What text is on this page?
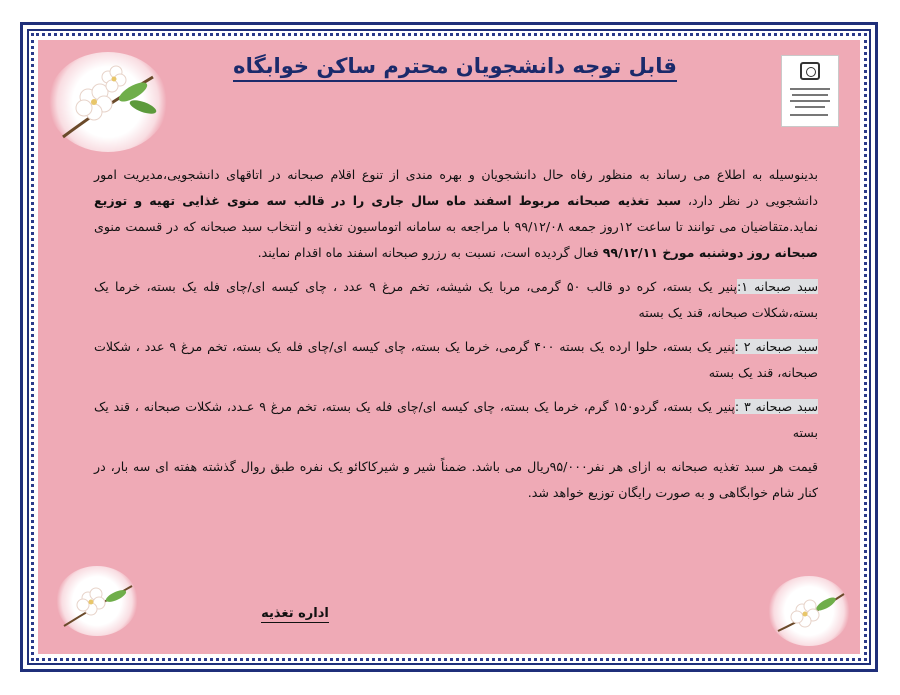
قابل توجه دانشجویان محترم ساکن خوابگاه

بدینوسیله به اطلاع می رساند به منظور رفاه حال دانشجویان و بهره مندی از تنوع اقلام صبحانه در اتاقهای دانشجویی،مدیریت امور دانشجویی در نظر دارد، سبد تغذیه صبحانه مربوط اسفند ماه سال جاری را در قالب سه منوی غذایی تهیه و توزیع نماید.متقاضیان می توانند تا ساعت ۱۲روز جمعه ۹۹/۱۲/۰۸ با مراجعه به سامانه اتوماسیون تغذیه و انتخاب سبد صبحانه که در قسمت منوی صبحانه روز دوشنبه مورخ ۹۹/۱۲/۱۱ فعال گردیده است، نسبت به رزرو صبحانه اسفند ماه اقدام نمایند.

سبد صبحانه ۱:پنیر یک بسته، کره دو قالب ۵۰ گرمی، مربا یک شیشه، تخم مرغ ۹ عدد ، چای کیسه ای/چای فله یک بسته، خرما یک بسته،شکلات صبحانه، قند یک بسته

سبد صبحانه ۲ :پنیر یک بسته، حلوا ارده یک بسته ۴۰۰ گرمی، خرما یک بسته، چای کیسه ای/چای فله یک بسته، تخم مرغ ۹ عدد ، شکلات صبحانه، قند یک بسته

سبد صبحانه ۳ :پنیر یک بسته، گردو۱۵۰ گرم، خرما یک بسته، چای کیسه ای/چای فله یک بسته، تخم مرغ ۹ عـدد، شکلات صبحانه ، قند یک بسته

قیمت هر سبد تغذیه صبحانه به ازای هر نفر۹۵/۰۰۰ریال می باشد. ضمناً شیر و شیرکاکائو یک نفره طبق روال گذشته هفته ای سه بار، در کنار شام خوابگاهی و به صورت رایگان توزیع خواهد شد.

اداره تغذیه
